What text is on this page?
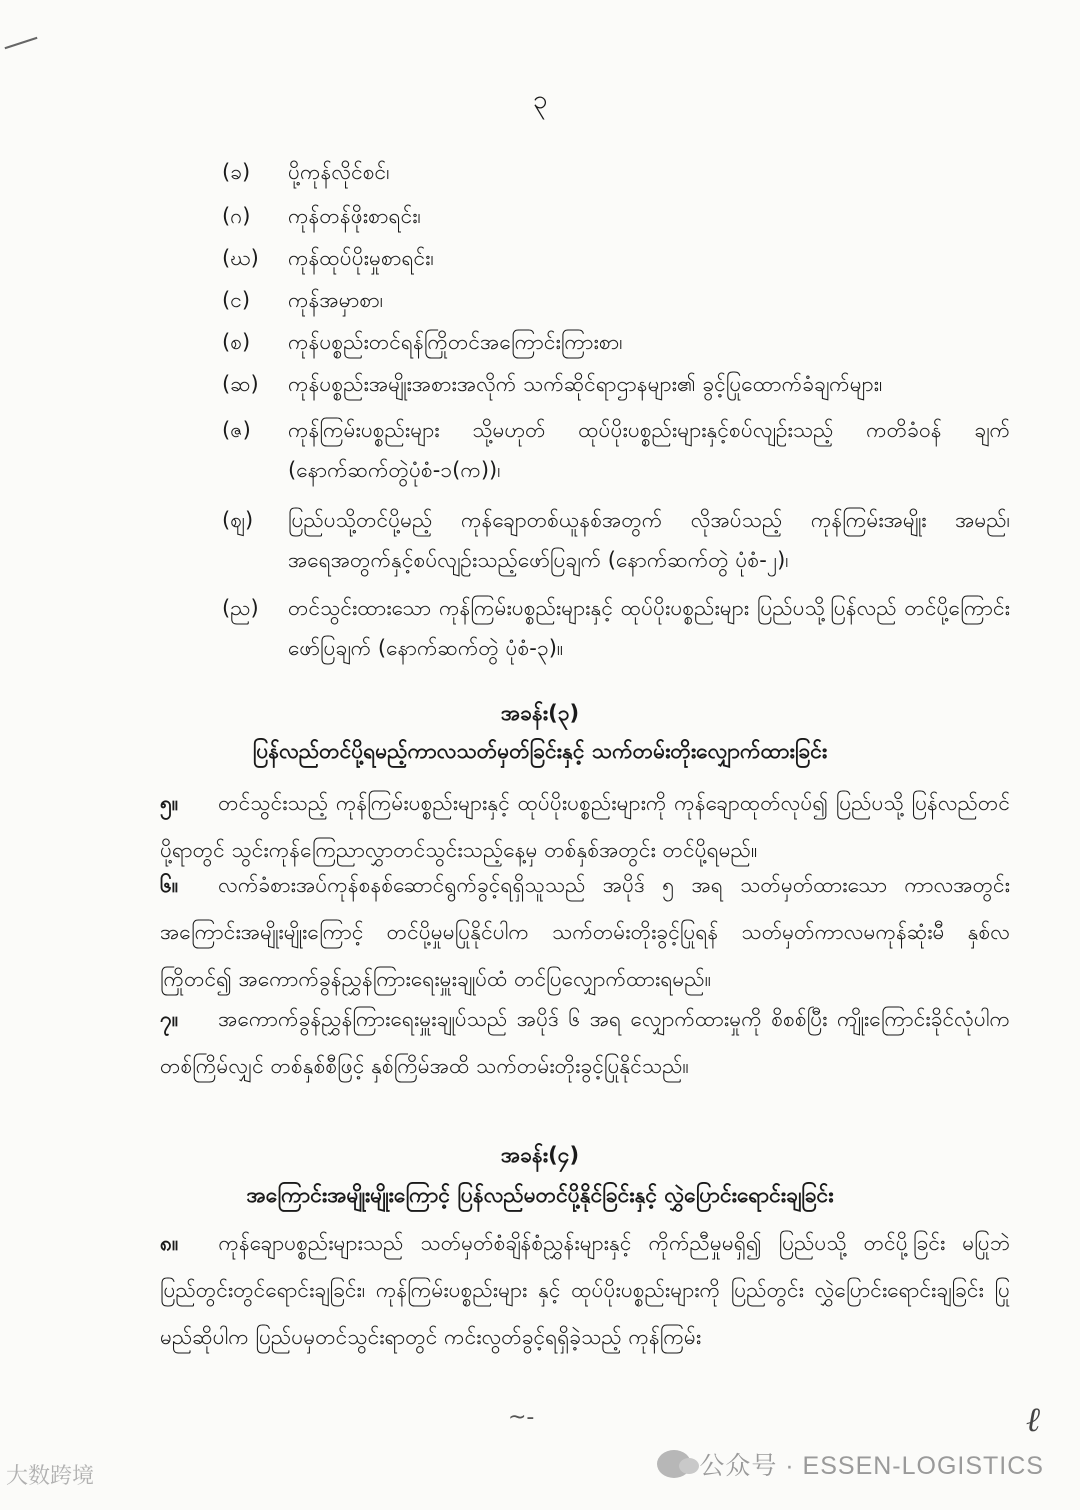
၃
(ခ)	ပို့ကုန်လိုင်စင်၊
(ဂ)	ကုန်တန်ဖိုးစာရင်း၊
(ဃ)	ကုန်ထုပ်ပိုးမှုစာရင်း၊
(င)	ကုန်အမှာစာ၊
(စ)	ကုန်ပစ္စည်းတင်ရန်ကြိုတင်အကြောင်းကြားစာ၊
(ဆ)	ကုန်ပစ္စည်းအမျိုးအစားအလိုက် သက်ဆိုင်ရာဌာနများ၏ ခွင့်ပြုထောက်ခံချက်များ၊
(ဇ)	ကုန်ကြမ်းပစ္စည်းများ သို့မဟုတ် ထုပ်ပိုးပစ္စည်းများနှင့်စပ်လျဉ်းသည့် ကတိခံဝန် ချက် (နောက်ဆက်တွဲပုံစံ-၁(က))၊
(ဈ)	ပြည်ပသို့တင်ပို့မည့် ကုန်ချောတစ်ယူနစ်အတွက် လိုအပ်သည့် ကုန်ကြမ်းအမျိုး အမည်၊ အရေအတွက်နှင့်စပ်လျဉ်းသည့်ဖော်ပြချက် (နောက်ဆက်တွဲ ပုံစံ-၂)၊
(ည)	တင်သွင်းထားသော ကုန်ကြမ်းပစ္စည်းများနှင့် ထုပ်ပိုးပစ္စည်းများ ပြည်ပသို့ပြန်လည် တင်ပို့ကြောင်း ဖော်ပြချက် (နောက်ဆက်တွဲ ပုံစံ-၃)။
အခန်း(၃)
ပြန်လည်တင်ပို့ရမည့်ကာလသတ်မှတ်ခြင်းနှင့် သက်တမ်းတိုးလျှောက်ထားခြင်း
၅။ တင်သွင်းသည့် ကုန်ကြမ်းပစ္စည်းများနှင့် ထုပ်ပိုးပစ္စည်းများကို ကုန်ချောထုတ်လုပ်၍ ပြည်ပသို့ ပြန်လည်တင်ပို့ရာတွင် သွင်းကုန်ကြေညာလွှာတင်သွင်းသည့်နေ့မှ တစ်နှစ်အတွင်း တင်ပို့ရမည်။
၆။ လက်ခံစားအပ်ကုန်စနစ်ဆောင်ရွက်ခွင့်ရရှိသူသည် အပိုဒ် ၅ အရ သတ်မှတ်ထားသော ကာလအတွင်း အကြောင်းအမျိုးမျိုးကြောင့် တင်ပို့မှုမပြုနိုင်ပါက သက်တမ်းတိုးခွင့်ပြုရန် သတ်မှတ်ကာလမကုန်ဆုံးမီ နှစ်လကြိုတင်၍ အကောက်ခွန်ညွှန်ကြားရေးမှူးချုပ်ထံ တင်ပြလျှောက်ထားရမည်။
၇။ အကောက်ခွန်ညွှန်ကြားရေးမှူးချုပ်သည် အပိုဒ် ၆ အရ လျှောက်ထားမှုကို စိစစ်ပြီး ကျိုးကြောင်းခိုင်လုံပါက တစ်ကြိမ်လျှင် တစ်နှစ်စီဖြင့် နှစ်ကြိမ်အထိ သက်တမ်းတိုးခွင့်ပြုနိုင်သည်။
အခန်း(၄)
အကြောင်းအမျိုးမျိုးကြောင့် ပြန်လည်မတင်ပို့နိုင်ခြင်းနှင့် လွှဲပြောင်းရောင်းချခြင်း
၈။ ကုန်ချောပစ္စည်းများသည် သတ်မှတ်စံချိန်စံညွှန်းများနှင့် ကိုက်ညီမှုမရှိ၍ ပြည်ပသို့ တင်ပို့ခြင်း မပြုဘဲ ပြည်တွင်းတွင်ရောင်းချခြင်း၊ ကုန်ကြမ်းပစ္စည်းများ နှင့် ထုပ်ပိုးပစ္စည်းများကို ပြည်တွင်း လွှဲပြောင်းရောင်းချခြင်း ပြုမည်ဆိုပါက ပြည်ပမှတင်သွင်းရာတွင် ကင်းလွတ်ခွင့်ရရှိခဲ့သည့် ကုန်ကြမ်း
~-	ℓ
大数跨境	公众号 · ESSEN-LOGISTICS
